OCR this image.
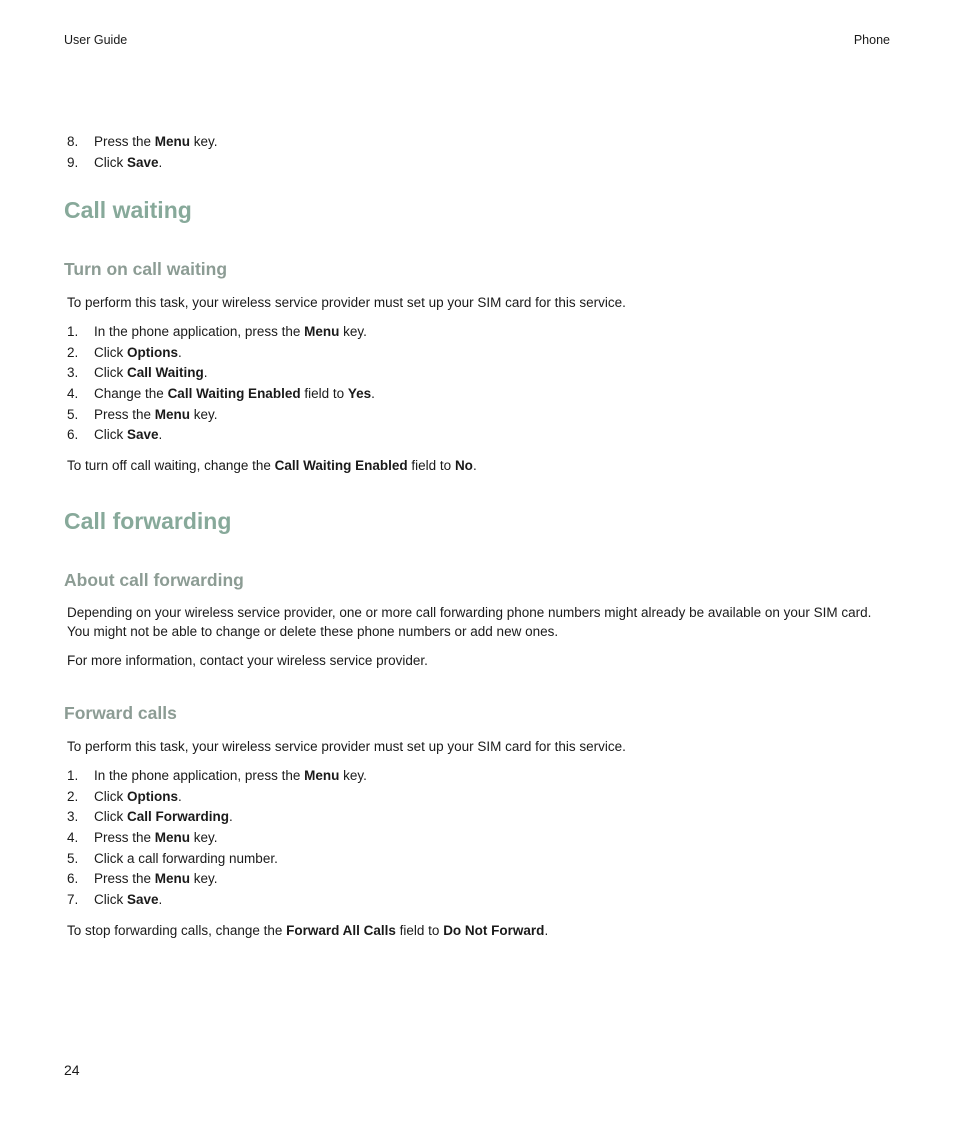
User Guide	Phone
8. Press the Menu key.
9. Click Save.
Call waiting
Turn on call waiting

To perform this task, your wireless service provider must set up your SIM card for this service.

1. In the phone application, press the Menu key.
2. Click Options.
3. Click Call Waiting.
4. Change the Call Waiting Enabled field to Yes.
5. Press the Menu key.
6. Click Save.

To turn off call waiting, change the Call Waiting Enabled field to No.

Call forwarding
About call forwarding

Depending on your wireless service provider, one or more call forwarding phone numbers might already be available on your SIM card.
You might not be able to change or delete these phone numbers or add new ones.

For more information, contact your wireless service provider.

Forward calls

To perform this task, your wireless service provider must set up your SIM card for this service.

1. In the phone application, press the Menu key.
2. Click Options.
3. Click Call Forwarding.
4. Press the Menu key.
5. Click a call forwarding number.
6. Press the Menu key.
7. Click Save.

To stop forwarding calls, change the Forward All Calls field to Do Not Forward.

24
